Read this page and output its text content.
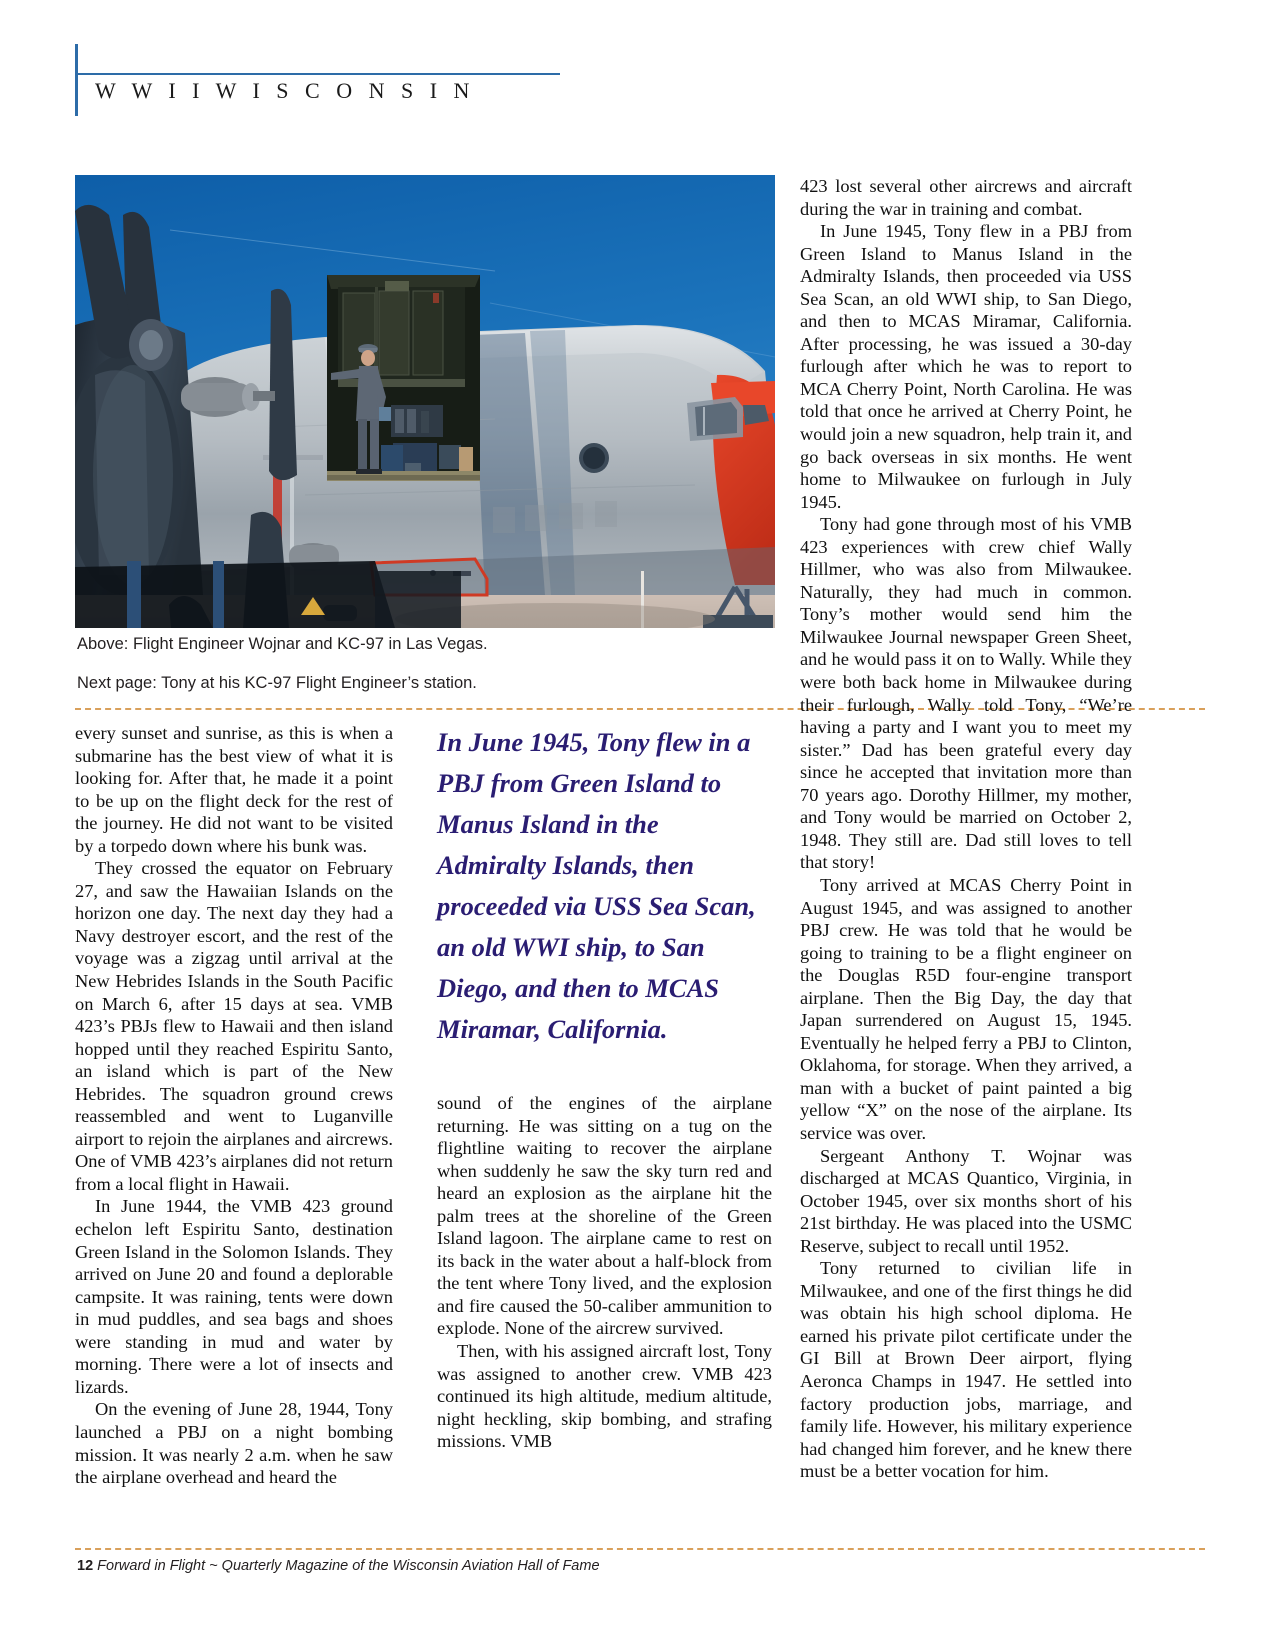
W W I I W I S C O N S I N
Above: Flight Engineer Wojnar and KC-97 in Las Vegas.
Next page: Tony at his KC-97 Flight Engineer’s station.

every sunset and sunrise, as this is when a submarine has the best view of what it is looking for. After that, he made it a point to be up on the flight deck for the rest of the journey. He did not want to be visited by a torpedo down where his bunk was.

They crossed the equator on February 27, and saw the Hawaiian Islands on the horizon one day. The next day they had a Navy destroyer escort, and the rest of the voyage was a zigzag until arrival at the New Hebrides Islands in the South Pacific on March 6, after 15 days at sea. VMB 423’s PBJs flew to Hawaii and then island hopped until they reached Espiritu Santo, an island which is part of the New Hebrides. The squadron ground crews reassembled and went to Luganville airport to rejoin the airplanes and aircrews. One of VMB 423’s airplanes did not return from a local flight in Hawaii.

In June 1944, the VMB 423 ground echelon left Espiritu Santo, destination Green Island in the Solomon Islands. They arrived on June 20 and found a deplorable campsite. It was raining, tents were down in mud puddles, and sea bags and shoes were standing in mud and water by morning. There were a lot of insects and lizards.

On the evening of June 28, 1944, Tony launched a PBJ on a night bombing mission. It was nearly 2 a.m. when he saw the airplane overhead and heard the

In June 1945, Tony flew in a PBJ from Green Island to Manus Island in the Admiralty Islands, then proceeded via USS Sea Scan, an old WWI ship, to San Diego, and then to MCAS Miramar, California.

sound of the engines of the airplane returning. He was sitting on a tug on the flightline waiting to recover the airplane when suddenly he saw the sky turn red and heard an explosion as the airplane hit the palm trees at the shoreline of the Green Island lagoon. The airplane came to rest on its back in the water about a half-block from the tent where Tony lived, and the explosion and fire caused the 50-caliber ammunition to explode. None of the aircrew survived.

Then, with his assigned aircraft lost, Tony was assigned to another crew. VMB 423 continued its high altitude, medium altitude, night heckling, skip bombing, and strafing missions. VMB

423 lost several other aircrews and aircraft during the war in training and combat.

In June 1945, Tony flew in a PBJ from Green Island to Manus Island in the Admiralty Islands, then proceeded via USS Sea Scan, an old WWI ship, to San Diego, and then to MCAS Miramar, California. After processing, he was issued a 30-day furlough after which he was to report to MCA Cherry Point, North Carolina. He was told that once he arrived at Cherry Point, he would join a new squadron, help train it, and go back overseas in six months. He went home to Milwaukee on furlough in July 1945.

Tony had gone through most of his VMB 423 experiences with crew chief Wally Hillmer, who was also from Milwaukee. Naturally, they had much in common. Tony’s mother would send him the Milwaukee Journal newspaper Green Sheet, and he would pass it on to Wally. While they were both back home in Milwaukee during their furlough, Wally told Tony, “We’re having a party and I want you to meet my sister.” Dad has been grateful every day since he accepted that invitation more than 70 years ago. Dorothy Hillmer, my mother, and Tony would be married on October 2, 1948. They still are. Dad still loves to tell that story!

Tony arrived at MCAS Cherry Point in August 1945, and was assigned to another PBJ crew. He was told that he would be going to training to be a flight engineer on the Douglas R5D four-engine transport airplane. Then the Big Day, the day that Japan surrendered on August 15, 1945. Eventually he helped ferry a PBJ to Clinton, Oklahoma, for storage. When they arrived, a man with a bucket of paint painted a big yellow “X” on the nose of the airplane. Its service was over.

Sergeant Anthony T. Wojnar was discharged at MCAS Quantico, Virginia, in October 1945, over six months short of his 21st birthday. He was placed into the USMC Reserve, subject to recall until 1952.

Tony returned to civilian life in Milwaukee, and one of the first things he did was obtain his high school diploma. He earned his private pilot certificate under the GI Bill at Brown Deer airport, flying Aeronca Champs in 1947. He settled into factory production jobs, marriage, and family life. However, his military experience had changed him forever, and he knew there must be a better vocation for him.

12 Forward in Flight ~ Quarterly Magazine of the Wisconsin Aviation Hall of Fame
